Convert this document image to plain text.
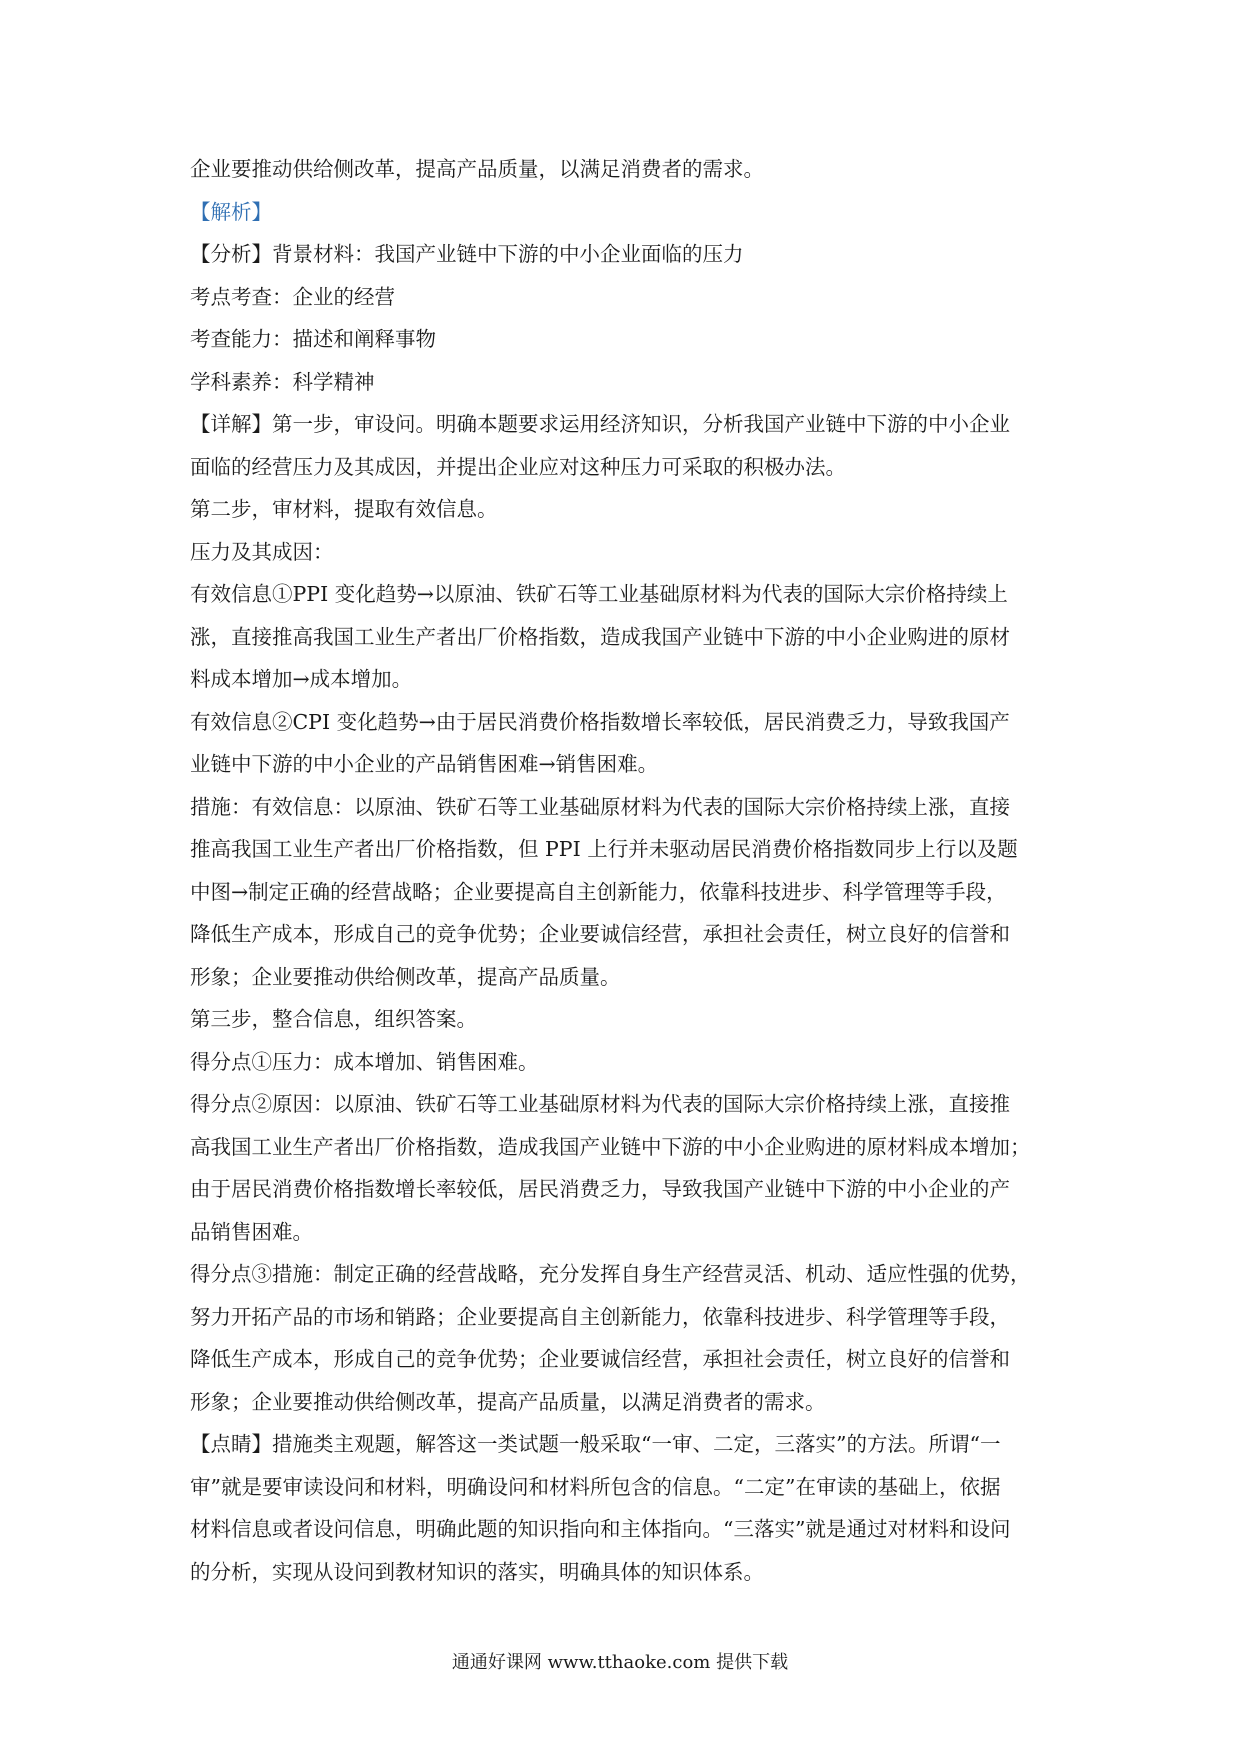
企业要推动供给侧改革，提高产品质量，以满足消费者的需求。

【解析】

【分析】背景材料：我国产业链中下游的中小企业面临的压力

考点考查：企业的经营

考查能力：描述和阐释事物

学科素养：科学精神

【详解】第一步，审设问。明确本题要求运用经济知识，分析我国产业链中下游的中小企业

面临的经营压力及其成因，并提出企业应对这种压力可采取的积极办法。

第二步，审材料，提取有效信息。

压力及其成因：

有效信息①PPI 变化趋势→以原油、铁矿石等工业基础原材料为代表的国际大宗价格持续上

涨，直接推高我国工业生产者出厂价格指数，造成我国产业链中下游的中小企业购进的原材

料成本增加→成本增加。

有效信息②CPI 变化趋势→由于居民消费价格指数增长率较低，居民消费乏力，导致我国产

业链中下游的中小企业的产品销售困难→销售困难。

措施：有效信息：以原油、铁矿石等工业基础原材料为代表的国际大宗价格持续上涨，直接

推高我国工业生产者出厂价格指数，但 PPI 上行并未驱动居民消费价格指数同步上行以及题

中图→制定正确的经营战略；企业要提高自主创新能力，依靠科技进步、科学管理等手段，

降低生产成本，形成自己的竞争优势；企业要诚信经营，承担社会责任，树立良好的信誉和

形象；企业要推动供给侧改革，提高产品质量。

第三步，整合信息，组织答案。

得分点①压力：成本增加、销售困难。

得分点②原因：以原油、铁矿石等工业基础原材料为代表的国际大宗价格持续上涨，直接推

高我国工业生产者出厂价格指数，造成我国产业链中下游的中小企业购进的原材料成本增加；

由于居民消费价格指数增长率较低，居民消费乏力，导致我国产业链中下游的中小企业的产

品销售困难。

得分点③措施：制定正确的经营战略，充分发挥自身生产经营灵活、机动、适应性强的优势，

努力开拓产品的市场和销路；企业要提高自主创新能力，依靠科技进步、科学管理等手段，

降低生产成本，形成自己的竞争优势；企业要诚信经营，承担社会责任，树立良好的信誉和

形象；企业要推动供给侧改革，提高产品质量，以满足消费者的需求。

【点睛】措施类主观题，解答这一类试题一般采取“一审、二定，三落实”的方法。所谓“一

审”就是要审读设问和材料，明确设问和材料所包含的信息。“二定”在审读的基础上，依据

材料信息或者设问信息，明确此题的知识指向和主体指向。“三落实”就是通过对材料和设问

的分析，实现从设问到教材知识的落实，明确具体的知识体系。

通通好课网 www.tthaoke.com 提供下载
